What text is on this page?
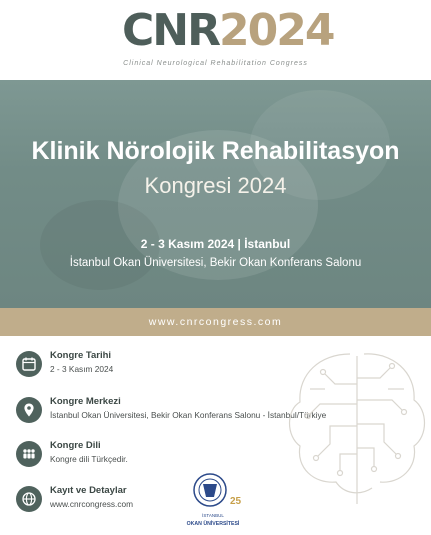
CNR2024
Clinical Neurological Rehabilitation Congress
Klinik Nörolojik Rehabilitasyon
Kongresi 2024
2 - 3 Kasım 2024 | İstanbul
İstanbul Okan Üniversitesi, Bekir Okan Konferans Salonu
www.cnrcongress.com
Kongre Tarihi
2 - 3 Kasım 2024
Kongre Merkezi
İstanbul Okan Üniversitesi, Bekir Okan Konferans Salonu - İstanbul/Türkiye
Kongre Dili
Kongre dili Türkçedir.
Kayıt ve Detaylar
www.cnrcongress.com	25
İSTANBUL
OKAN ÜNİVERSİTESİ
